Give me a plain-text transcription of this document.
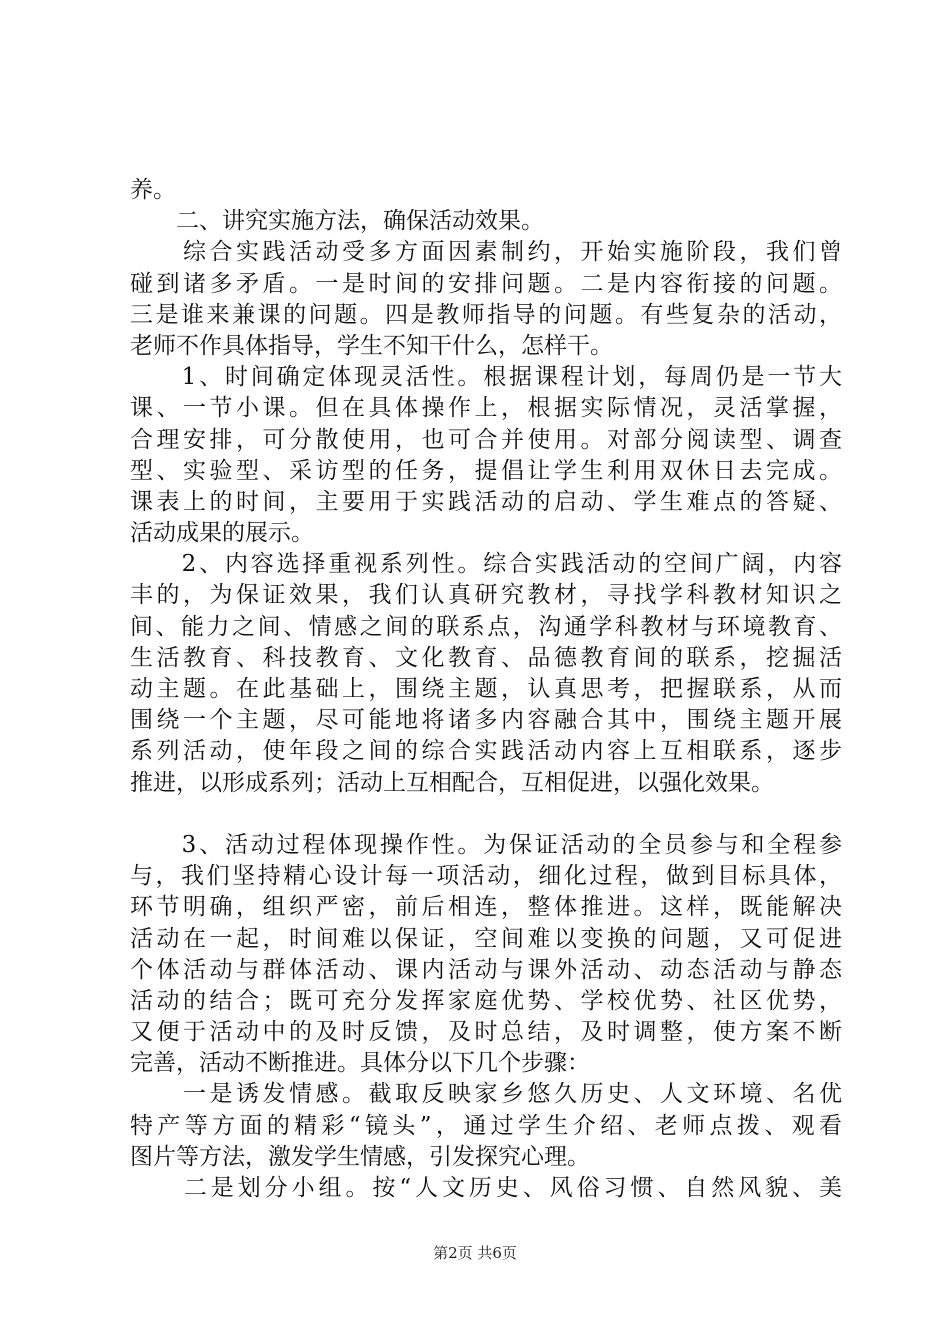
养。
　　二、讲究实施方法，确保活动效果。
　　综合实践活动受多方面因素制约，开始实施阶段，我们曾
碰到诸多矛盾。一是时间的安排问题。二是内容衔接的问题。
三是谁来兼课的问题。四是教师指导的问题。有些复杂的活动，
老师不作具体指导，学生不知干什么，怎样干。
　　1、时间确定体现灵活性。根据课程计划，每周仍是一节大
课、一节小课。但在具体操作上，根据实际情况，灵活掌握，
合理安排，可分散使用，也可合并使用。对部分阅读型、调查
型、实验型、采访型的任务，提倡让学生利用双休日去完成。
课表上的时间，主要用于实践活动的启动、学生难点的答疑、
活动成果的展示。
　　2、内容选择重视系列性。综合实践活动的空间广阔，内容
丰的，为保证效果，我们认真研究教材，寻找学科教材知识之
间、能力之间、情感之间的联系点，沟通学科教材与环境教育、
生活教育、科技教育、文化教育、品德教育间的联系，挖掘活
动主题。在此基础上，围绕主题，认真思考，把握联系，从而
围绕一个主题，尽可能地将诸多内容融合其中，围绕主题开展
系列活动，使年段之间的综合实践活动内容上互相联系，逐步
推进，以形成系列；活动上互相配合，互相促进，以强化效果。
　　3、活动过程体现操作性。为保证活动的全员参与和全程参
与，我们坚持精心设计每一项活动，细化过程，做到目标具体，
环节明确，组织严密，前后相连，整体推进。这样，既能解决
活动在一起，时间难以保证，空间难以变换的问题，又可促进
个体活动与群体活动、课内活动与课外活动、动态活动与静态
活动的结合；既可充分发挥家庭优势、学校优势、社区优势，
又便于活动中的及时反馈，及时总结，及时调整，使方案不断
完善，活动不断推进。具体分以下几个步骤：
　　一是诱发情感。截取反映家乡悠久历史、人文环境、名优
特产等方面的精彩“镜头”，通过学生介绍、老师点拨、观看
图片等方法，激发学生情感，引发探究心理。
　　二是划分小组。按“人文历史、风俗习惯、自然风貌、美
第2页 共6页
